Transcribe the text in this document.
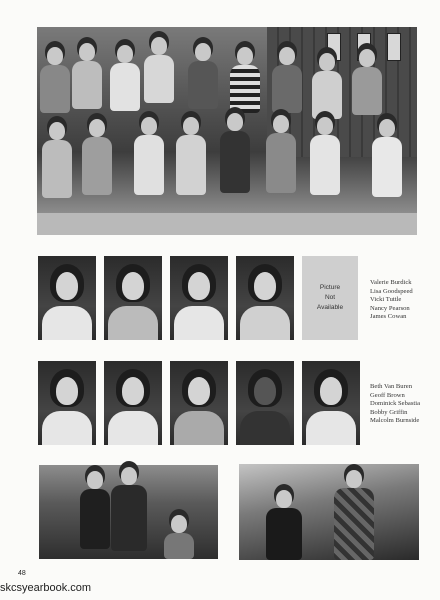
Picture
Not
Available
Valerie Burdick
Lisa Goodspeed
Vicki Tuttle
Nancy Pearson
James Cowan
Beth Van Buren
Geoff Brown
Dominick Sebastia
Bobby Griffin
Malcolm Burnside
48
skcsyearbook.com
